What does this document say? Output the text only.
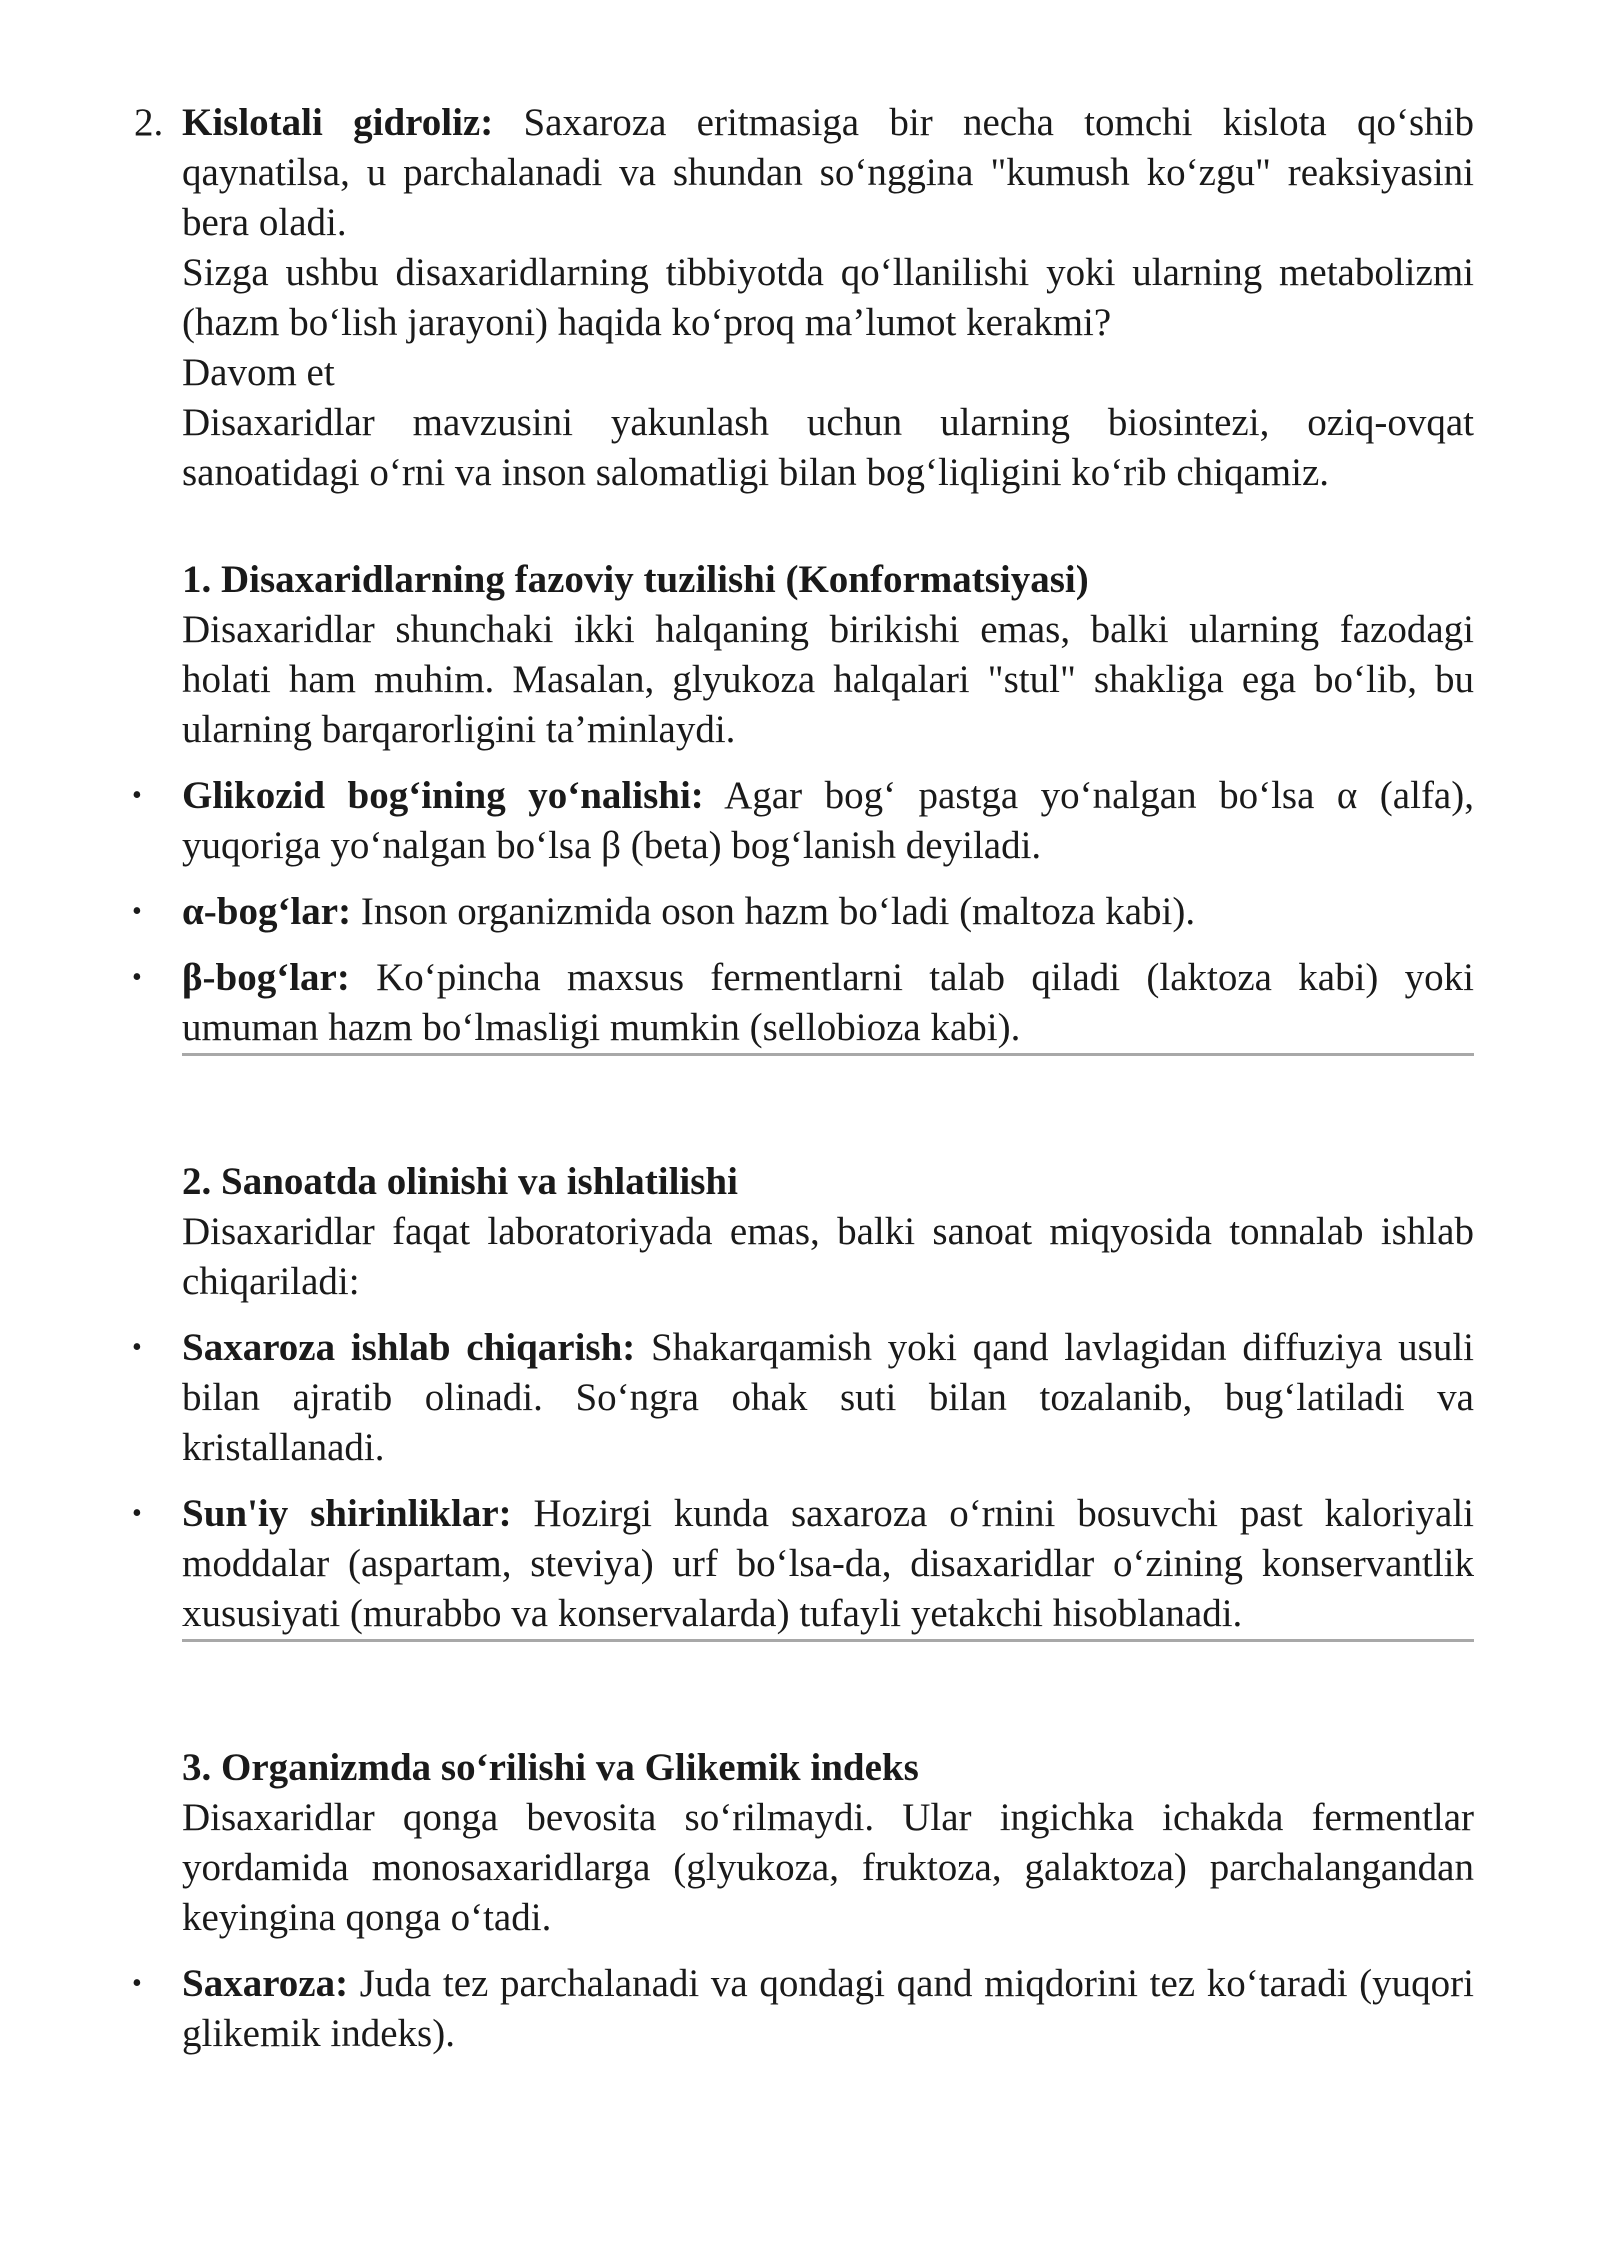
2. Kislotali gidroliz: Saxaroza eritmasiga bir necha tomchi kislota qo‘shib qaynatilsa, u parchalanadi va shundan so‘nggina "kumush ko‘zgu" reaksiyasini bera oladi.

Sizga ushbu disaxaridlarning tibbiyotda qo‘llanilishi yoki ularning metabolizmi (hazm bo‘lish jarayoni) haqida ko‘proq ma’lumot kerakmi?

Davom et

Disaxaridlar mavzusini yakunlash uchun ularning biosintezi, oziq-ovqat sanoatidagi o‘rni va inson salomatligi bilan bog‘liqligini ko‘rib chiqamiz.

1. Disaxaridlarning fazoviy tuzilishi (Konformatsiyasi)

Disaxaridlar shunchaki ikki halqaning birikishi emas, balki ularning fazodagi holati ham muhim. Masalan, glyukoza halqalari "stul" shakliga ega bo‘lib, bu ularning barqarorligini ta’minlaydi.

• Glikozid bog‘ining yo‘nalishi: Agar bog‘ pastga yo‘nalgan bo‘lsa α (alfa), yuqoriga yo‘nalgan bo‘lsa β (beta) bog‘lanish deyiladi.
• α-bog‘lar: Inson organizmida oson hazm bo‘ladi (maltoza kabi).
• β-bog‘lar: Ko‘pincha maxsus fermentlarni talab qiladi (laktoza kabi) yoki umuman hazm bo‘lmasligi mumkin (sellobioza kabi).

2. Sanoatda olinishi va ishlatilishi

Disaxaridlar faqat laboratoriyada emas, balki sanoat miqyosida tonnalab ishlab chiqariladi:

• Saxaroza ishlab chiqarish: Shakarqamish yoki qand lavlagidan diffuziya usuli bilan ajratib olinadi. So‘ngra ohak suti bilan tozalanib, bug‘latiladi va kristallanadi.
• Sun'iy shirinliklar: Hozirgi kunda saxaroza o‘rnini bosuvchi past kaloriyali moddalar (aspartam, steviya) urf bo‘lsa-da, disaxaridlar o‘zining konservantlik xususiyati (murabbo va konservalarda) tufayli yetakchi hisoblanadi.

3. Organizmda so‘rilishi va Glikemik indeks

Disaxaridlar qonga bevosita so‘rilmaydi. Ular ingichka ichakda fermentlar yordamida monosaxaridlarga (glyukoza, fruktoza, galaktoza) parchalangandan keyingina qonga o‘tadi.

• Saxaroza: Juda tez parchalanadi va qondagi qand miqdorini tez ko‘taradi (yuqori glikemik indeks).
